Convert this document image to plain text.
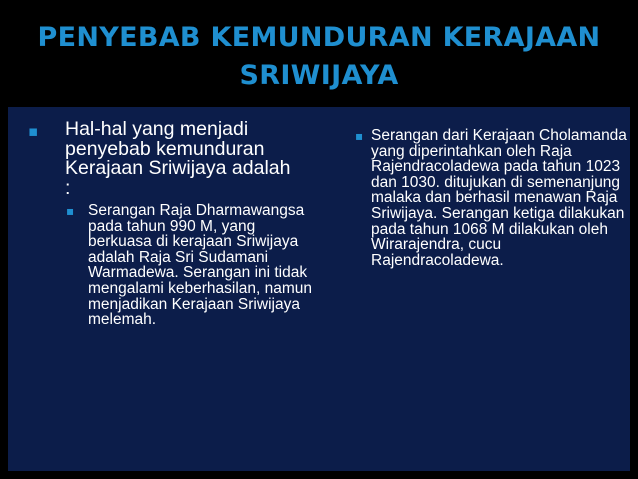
PENYEBAB KEMUNDURAN KERAJAAN
SRIWIJAYA
▪ Hal-hal yang menjadi penyebab kemunduran Kerajaan Sriwijaya adalah :
▪ Serangan Raja Dharmawangsa pada tahun 990 M, yang berkuasa di kerajaan Sriwijaya adalah Raja Sri Sudamani Warmadewa. Serangan ini tidak mengalami keberhasilan, namun menjadikan Kerajaan Sriwijaya melemah.
▪ Serangan dari Kerajaan Cholamanda yang diperintahkan oleh Raja Rajendracoladewa pada tahun 1023 dan 1030. ditujukan di semenanjung malaka dan berhasil menawan Raja Sriwijaya. Serangan ketiga dilakukan pada tahun 1068 M dilakukan oleh Wirarajendra, cucu Rajendracoladewa.
